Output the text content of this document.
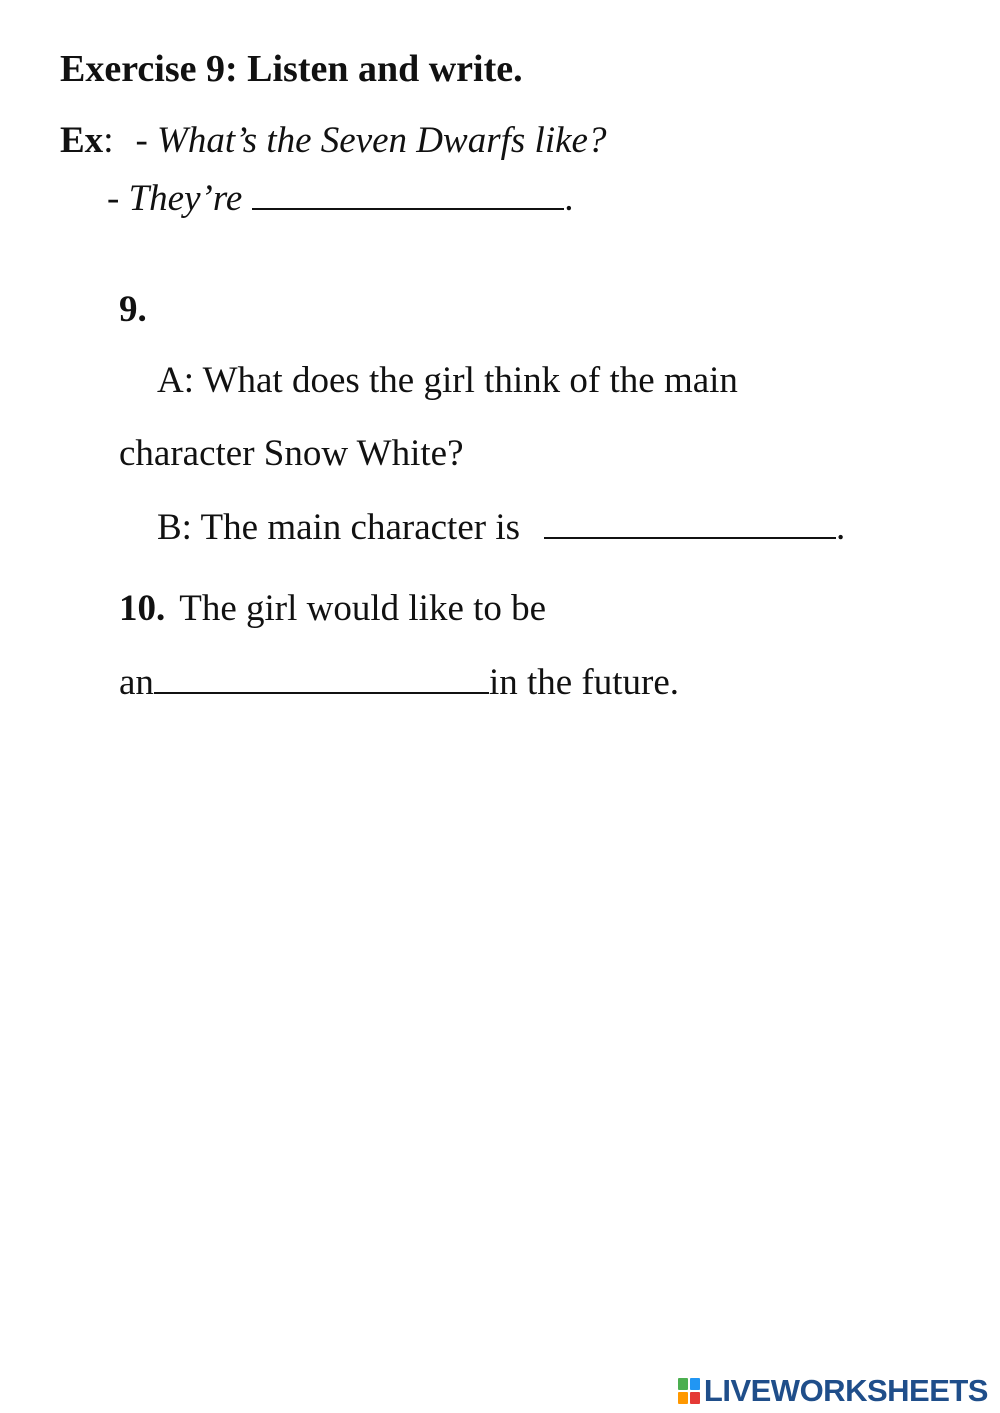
Exercise 9: Listen and write.
Ex: - What’s the Seven Dwarfs like?
- They’re	.
9.
A: What does the girl think of the main
character Snow White?
B: The main character is	.
10. The girl would like to be
an	in the future.
LIVEWORKSHEETS
